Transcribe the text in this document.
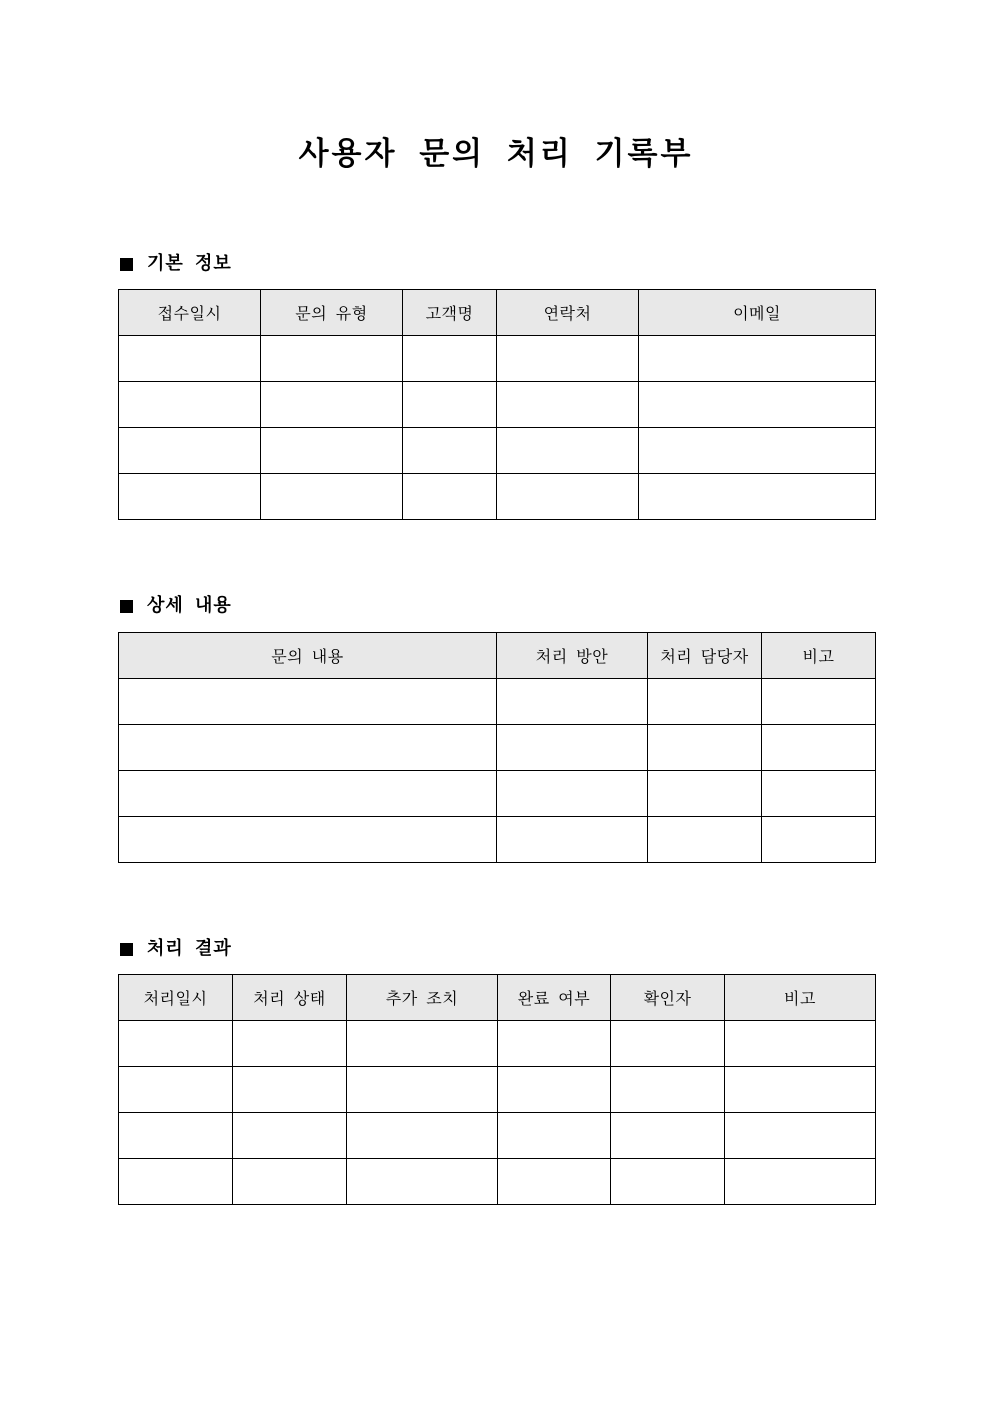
사용자 문의 처리 기록부
기본 정보
접수일시	문의 유형	고객명	연락처	이메일

상세 내용
문의 내용	처리 방안	처리 담당자	비고

처리 결과
처리일시	처리 상태	추가 조치	완료 여부	확인자	비고
